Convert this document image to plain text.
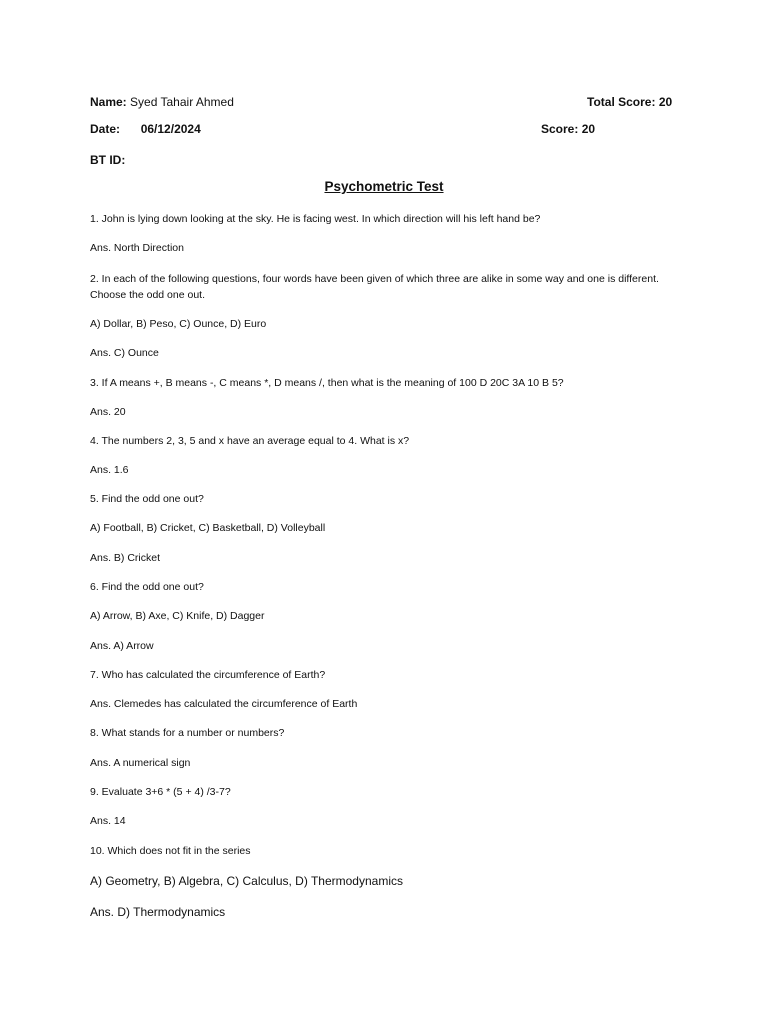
Name: Syed Tahair Ahmed	Total Score: 20
Date: 06/12/2024	Score: 20
BT ID:
Psychometric Test
1. John is lying down looking at the sky. He is facing west. In which direction will his left hand be?
Ans. North Direction
2. In each of the following questions, four words have been given of which three are alike in some way and one is different. Choose the odd one out.
A) Dollar, B) Peso, C) Ounce, D) Euro
Ans. C) Ounce
3. If A means +, B means -, C means *, D means /, then what is the meaning of 100 D 20C 3A 10 B 5?
Ans. 20
4. The numbers 2, 3, 5 and x have an average equal to 4. What is x?
Ans. 1.6
5. Find the odd one out?
A) Football, B) Cricket, C) Basketball, D) Volleyball
Ans. B) Cricket
6. Find the odd one out?
A) Arrow, B) Axe, C) Knife, D) Dagger
Ans. A) Arrow
7. Who has calculated the circumference of Earth?
Ans. Clemedes has calculated the circumference of Earth
8. What stands for a number or numbers?
Ans. A numerical sign
9. Evaluate 3+6 * (5 + 4) /3-7?
Ans. 14
10. Which does not fit in the series
A) Geometry, B) Algebra, C) Calculus, D) Thermodynamics
Ans. D) Thermodynamics
